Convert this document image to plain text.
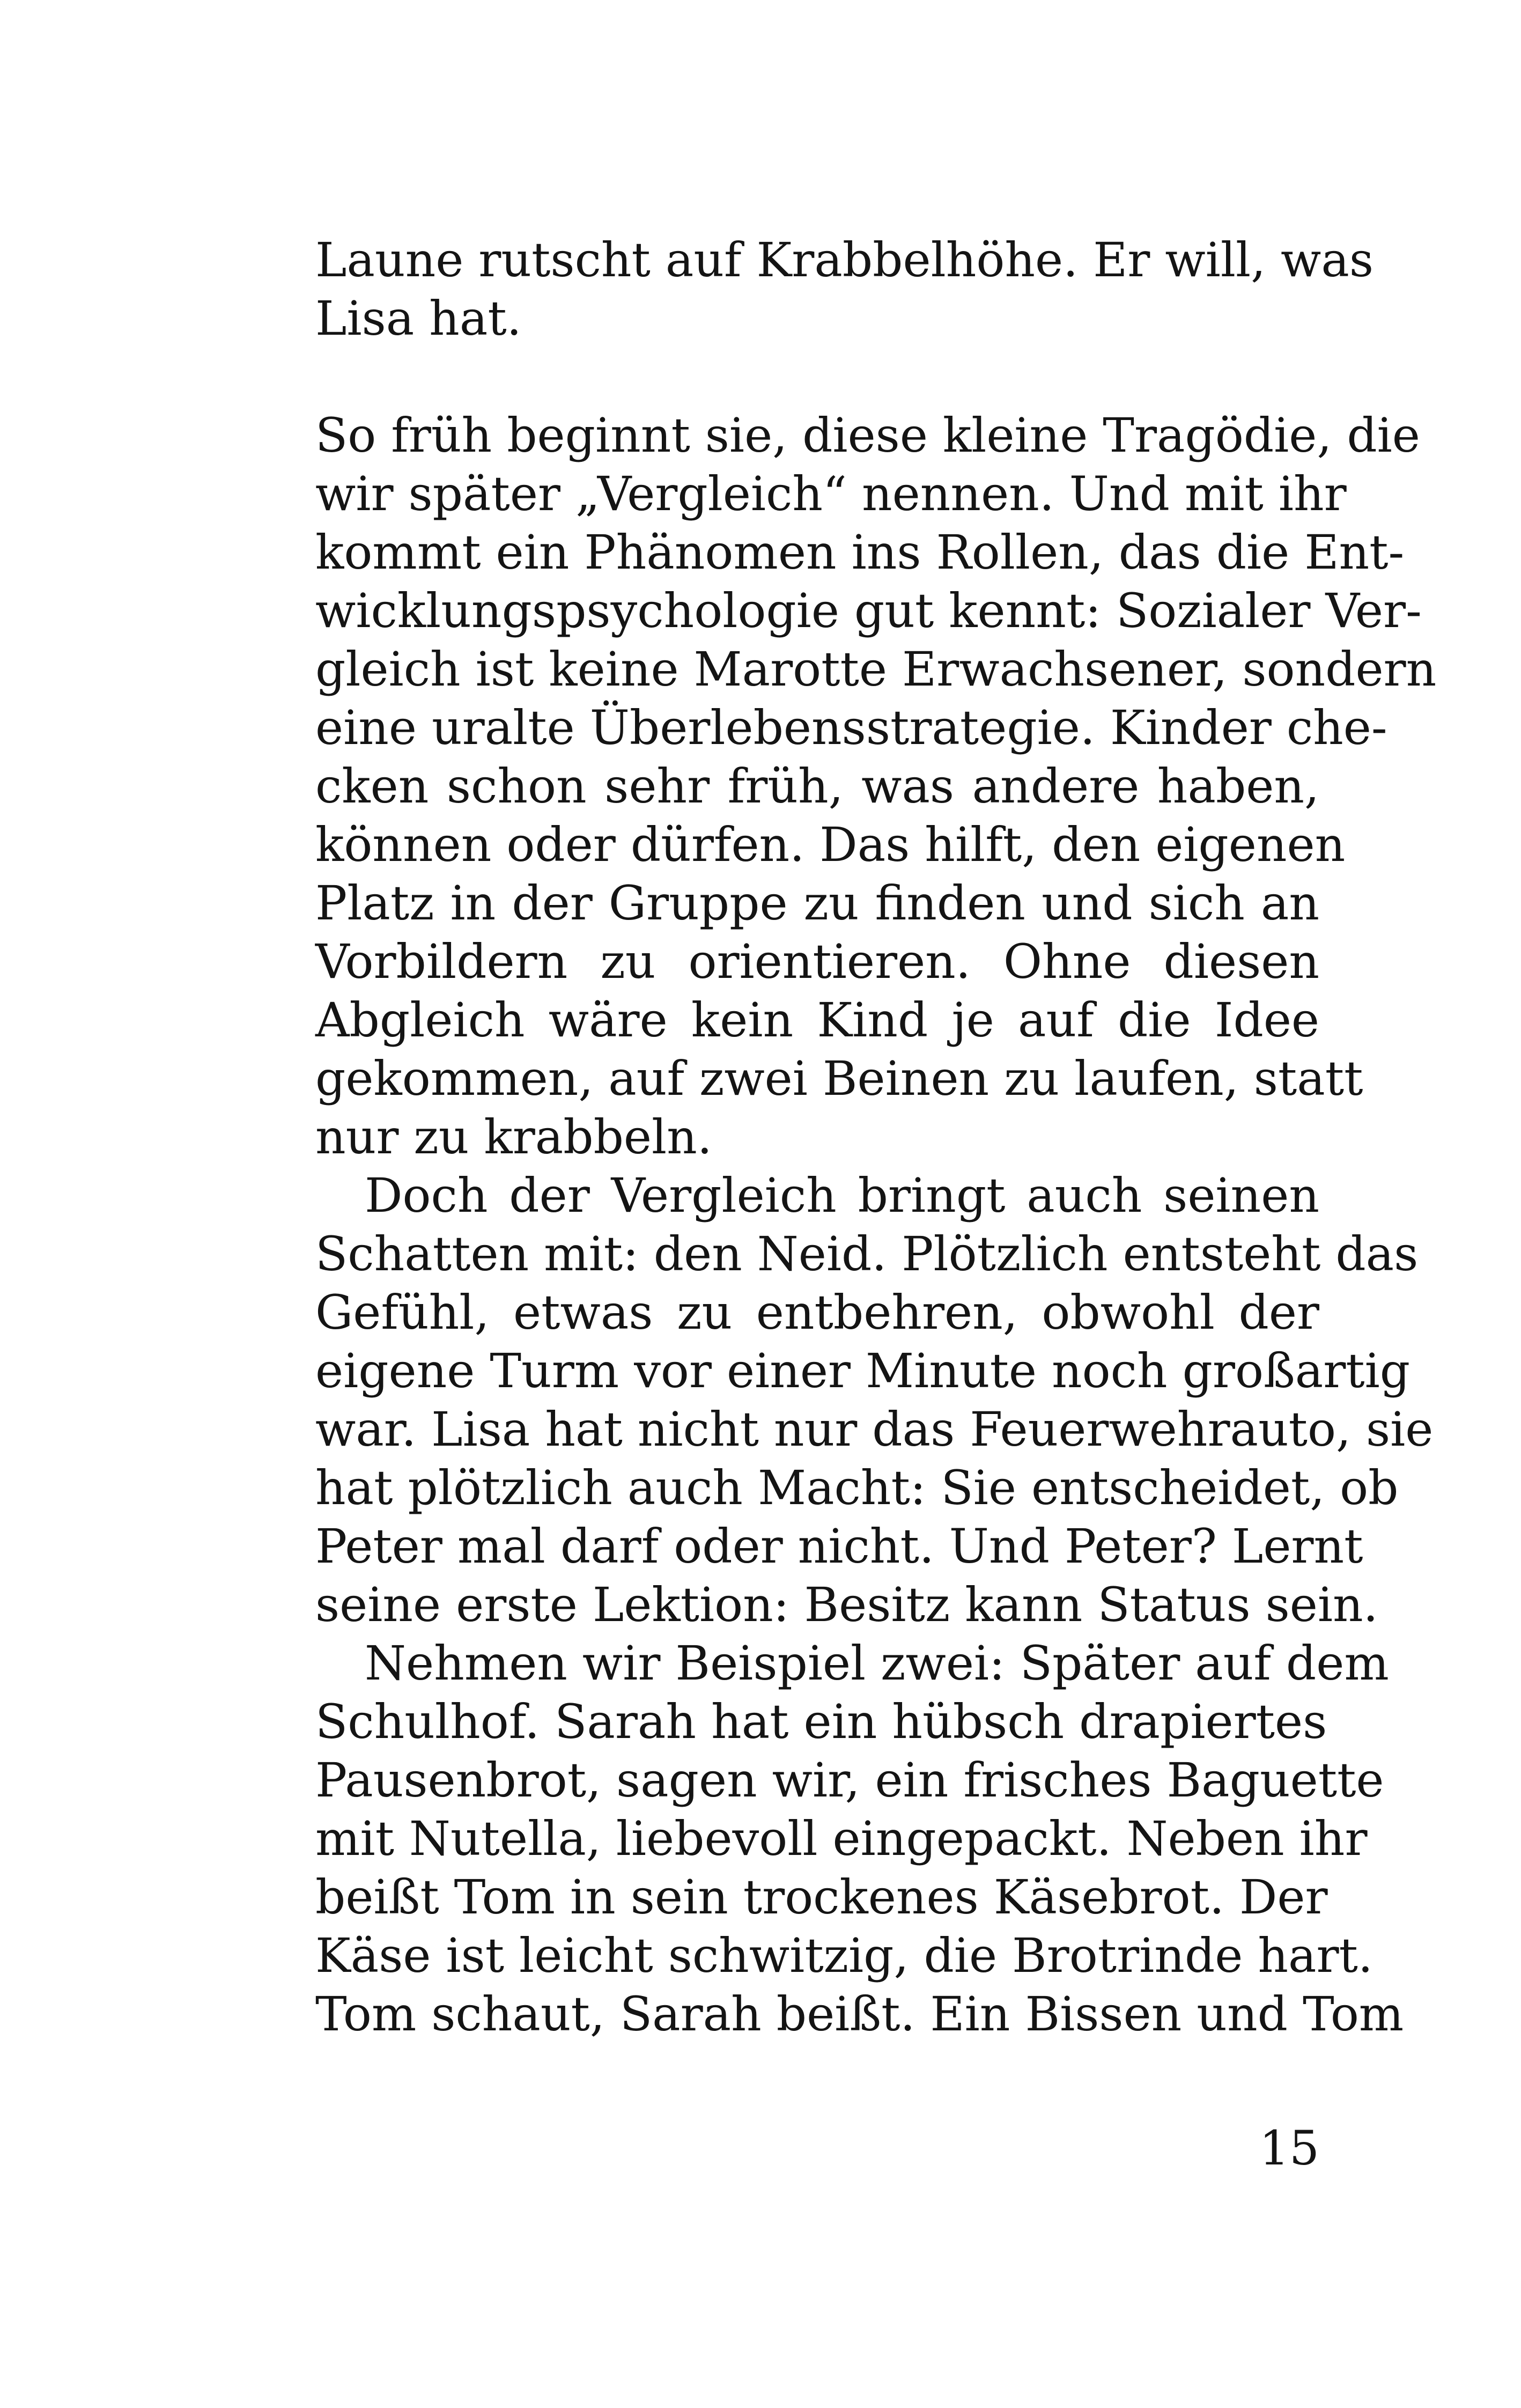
Laune rutscht auf Krabbelhöhe. Er will, was
Lisa hat.
So früh beginnt sie, diese kleine Tragödie, die
wir später „Vergleich“ nennen. Und mit ihr
kommt ein Phänomen ins Rollen, das die Ent-
wicklungspsychologie gut kennt: Sozialer Ver-
gleich ist keine Marotte Erwachsener, sondern
eine uralte Überlebensstrategie. Kinder che-
cken schon sehr früh, was andere haben,
können oder dürfen. Das hilft, den eigenen
Platz in der Gruppe zu finden und sich an
Vorbildern zu orientieren. Ohne diesen
Abgleich wäre kein Kind je auf die Idee
gekommen, auf zwei Beinen zu laufen, statt
nur zu krabbeln.
Doch der Vergleich bringt auch seinen
Schatten mit: den Neid. Plötzlich entsteht das
Gefühl, etwas zu entbehren, obwohl der
eigene Turm vor einer Minute noch großartig
war. Lisa hat nicht nur das Feuerwehrauto, sie
hat plötzlich auch Macht: Sie entscheidet, ob
Peter mal darf oder nicht. Und Peter? Lernt
seine erste Lektion: Besitz kann Status sein.
Nehmen wir Beispiel zwei: Später auf dem
Schulhof. Sarah hat ein hübsch drapiertes
Pausenbrot, sagen wir, ein frisches Baguette
mit Nutella, liebevoll eingepackt. Neben ihr
beißt Tom in sein trockenes Käsebrot. Der
Käse ist leicht schwitzig, die Brotrinde hart.
Tom schaut, Sarah beißt. Ein Bissen und Tom
15
